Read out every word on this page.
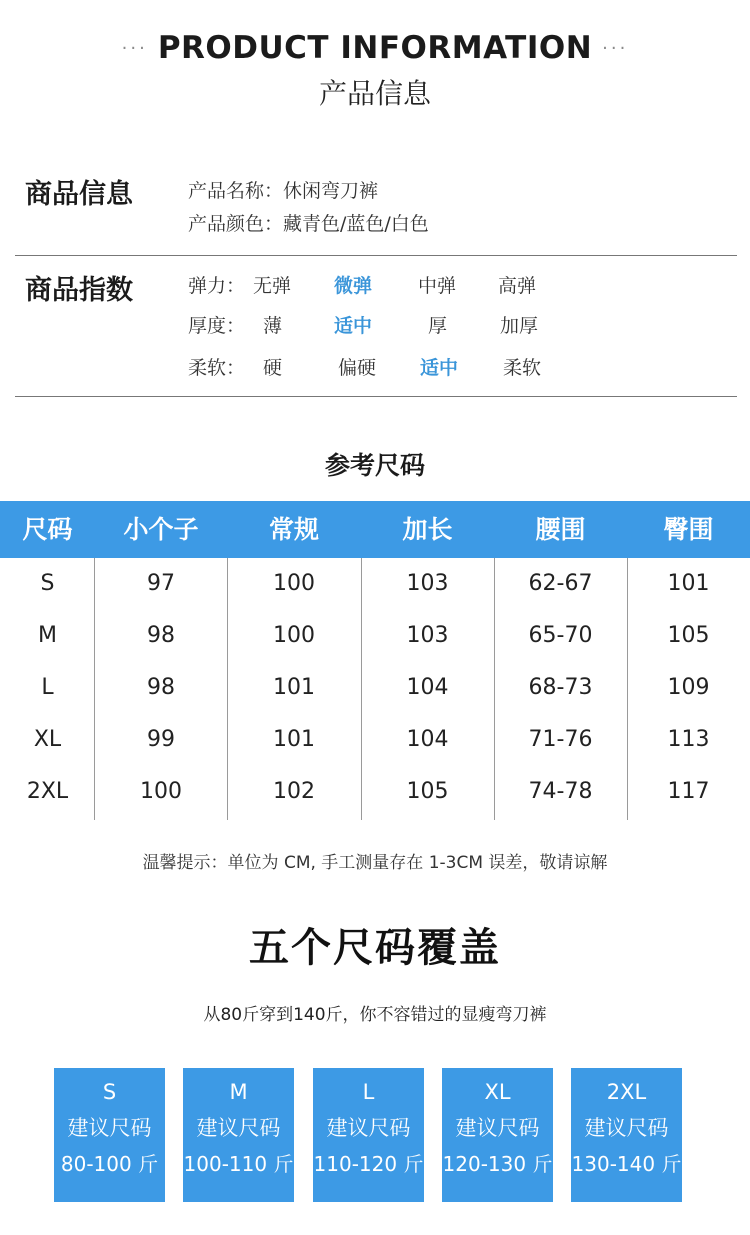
··· PRODUCT INFORMATION ···
产品信息
商品信息	产品名称：休闲弯刀裤
产品颜色：藏青色/蓝色/白色
商品指数	弹力： 无弹 微弹 中弹 高弹
厚度： 薄	适中	厚	加厚
柔软： 硬	偏硬 适中 柔软
参考尺码
尺码	小个子	常规	加长	腰围	臀围
S	97	100	103	62-67	101
M	98	100	103	65-70	105
L	98	101	104	68-73	109
XL	99	101	104	71-76	113
2XL	100	102	105	74-78	117
温馨提示：单位为 CM, 手工测量存在 1-3CM 误差，敬请谅解
五个尺码覆盖
从80斤穿到140斤，你不容错过的显瘦弯刀裤
S
建议尺码
80-100 斤
M
建议尺码
100-110 斤
L
建议尺码
110-120 斤
XL
建议尺码
120-130 斤
2XL
建议尺码
130-140 斤
